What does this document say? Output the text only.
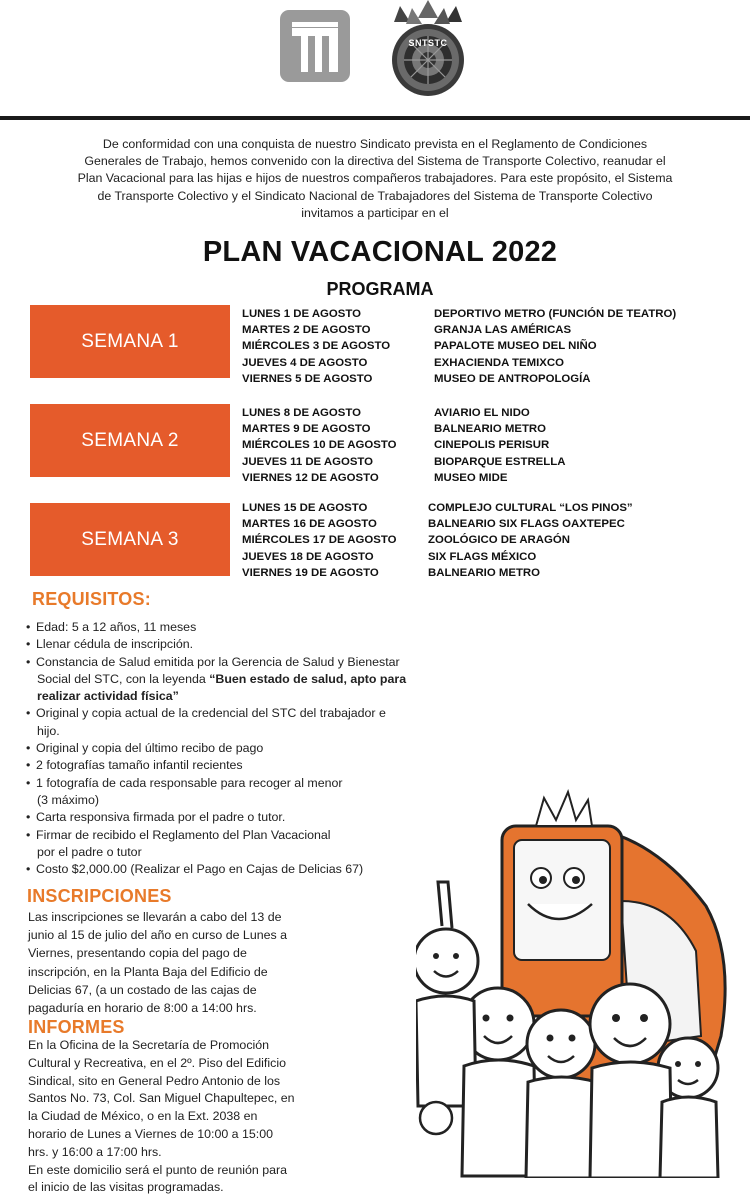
SNTSTC
De conformidad con una conquista de nuestro Sindicato prevista en el Reglamento de Condiciones
Generales de Trabajo, hemos convenido con la directiva del Sistema de Transporte Colectivo, reanudar el
Plan Vacacional para las hijas e hijos de nuestros compañeros trabajadores. Para este propósito, el Sistema
de Transporte Colectivo y el Sindicato Nacional de Trabajadores del Sistema de Transporte Colectivo
invitamos a participar en el
PLAN VACACIONAL 2022
PROGRAMA
SEMANA 1
LUNES 1 DE AGOSTO
MARTES 2 DE AGOSTO
MIÉRCOLES 3 DE AGOSTO
JUEVES 4 DE AGOSTO
VIERNES 5 DE AGOSTO
DEPORTIVO METRO (FUNCIÓN DE TEATRO)
GRANJA LAS AMÉRICAS
PAPALOTE MUSEO DEL NIÑO
EXHACIENDA TEMIXCO
MUSEO DE ANTROPOLOGÍA
SEMANA 2
LUNES 8 DE AGOSTO
MARTES 9 DE AGOSTO
MIÉRCOLES 10 DE AGOSTO
JUEVES 11 DE AGOSTO
VIERNES 12 DE AGOSTO
AVIARIO EL NIDO
BALNEARIO METRO
CINEPOLIS PERISUR
BIOPARQUE ESTRELLA
MUSEO MIDE
SEMANA 3
LUNES 15 DE AGOSTO
MARTES 16 DE AGOSTO
MIÉRCOLES 17 DE AGOSTO
JUEVES 18 DE AGOSTO
VIERNES 19 DE AGOSTO
COMPLEJO CULTURAL “LOS PINOS”
BALNEARIO SIX FLAGS OAXTEPEC
ZOOLÓGICO DE ARAGÓN
SIX FLAGS MÉXICO
BALNEARIO METRO
REQUISITOS:
• Edad: 5 a 12 años, 11 meses
• Llenar cédula de inscripción.
• Constancia de Salud emitida por la Gerencia de Salud y Bienestar
Social del STC, con la leyenda “Buen estado de salud, apto para
realizar actividad física”
• Original y copia actual de la credencial del STC del trabajador e
hijo.
• Original y copia del último recibo de pago
• 2 fotografías tamaño infantil recientes
• 1 fotografía de cada responsable para recoger al menor
(3 máximo)
• Carta responsiva firmada por el padre o tutor.
• Firmar de recibido el Reglamento del Plan Vacacional
por el padre o tutor
• Costo $2,000.00 (Realizar el Pago en Cajas de Delicias 67)
INSCRIPCIONES
Las inscripciones se llevarán a cabo del 13 de
junio al 15 de julio del año en curso de Lunes a
Viernes, presentando copia del pago de
inscripción, en la Planta Baja del Edificio de
Delicias 67, (a un costado de las cajas de
pagaduría en horario de 8:00 a 14:00 hrs.
INFORMES
En la Oficina de la Secretaría de Promoción
Cultural y Recreativa, en el 2º. Piso del Edificio
Sindical, sito en General Pedro Antonio de los
Santos No. 73, Col. San Miguel Chapultepec, en
la Ciudad de México, o en la Ext. 2038 en
horario de Lunes a Viernes de 10:00 a 15:00
hrs. y 16:00 a 17:00 hrs.
En este domicilio será el punto de reunión para
el inicio de las visitas programadas.
